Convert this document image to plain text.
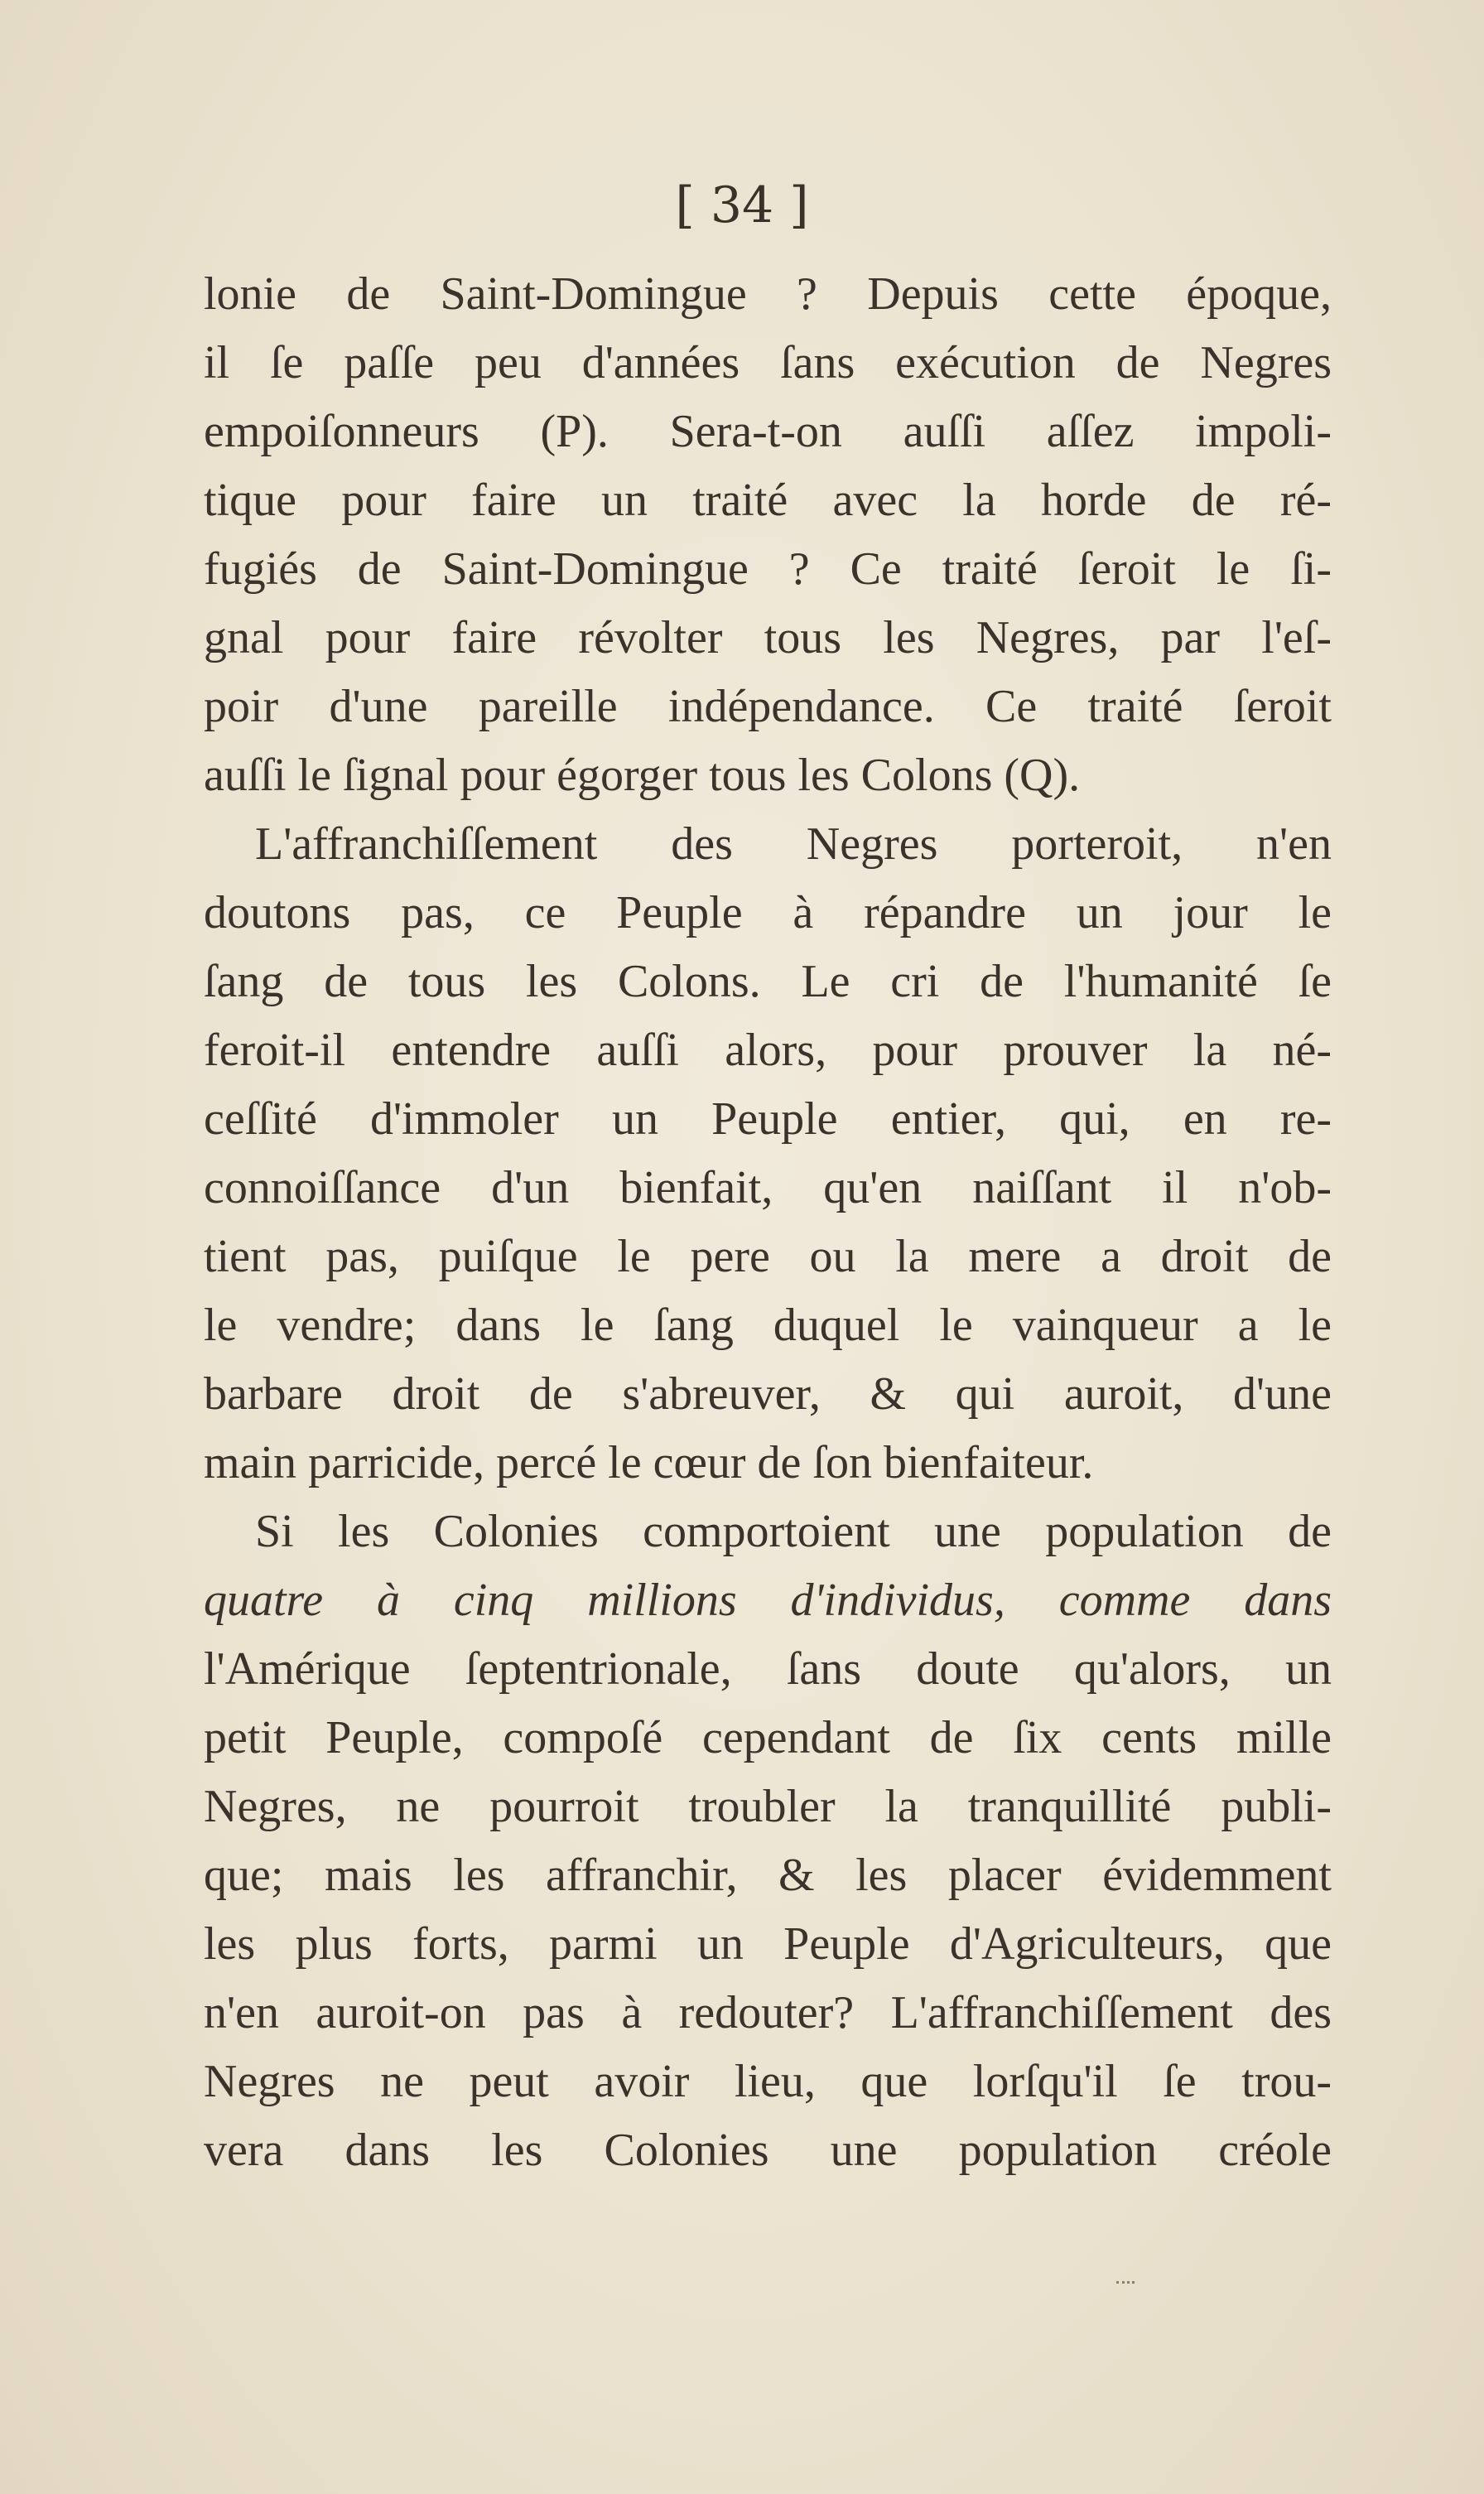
[ 34 ]
lonie de Saint-Domingue ? Depuis cette époque,
il ſe paſſe peu d'années ſans exécution de Negres
empoiſonneurs (P). Sera-t-on auſſi aſſez impoli-
tique pour faire un traité avec la horde de ré-
fugiés de Saint-Domingue ? Ce traité ſeroit le ſi-
gnal pour faire révolter tous les Negres, par l'eſ-
poir d'une pareille indépendance. Ce traité ſeroit
auſſi le ſignal pour égorger tous les Colons (Q).
L'affranchiſſement des Negres porteroit, n'en
doutons pas, ce Peuple à répandre un jour le
ſang de tous les Colons. Le cri de l'humanité ſe
feroit-il entendre auſſi alors, pour prouver la né-
ceſſité d'immoler un Peuple entier, qui, en re-
connoiſſance d'un bienfait, qu'en naiſſant il n'ob-
tient pas, puiſque le pere ou la mere a droit de
le vendre; dans le ſang duquel le vainqueur a le
barbare droit de s'abreuver, & qui auroit, d'une
main parricide, percé le cœur de ſon bienfaiteur.
Si les Colonies comportoient une population de
quatre à cinq millions d'individus, comme dans
l'Amérique ſeptentrionale, ſans doute qu'alors, un
petit Peuple, compoſé cependant de ſix cents mille
Negres, ne pourroit troubler la tranquillité publi-
que; mais les affranchir, & les placer évidemment
les plus forts, parmi un Peuple d'Agriculteurs, que
n'en auroit-on pas à redouter? L'affranchiſſement des
Negres ne peut avoir lieu, que lorſqu'il ſe trou-
vera dans les Colonies une population créole
